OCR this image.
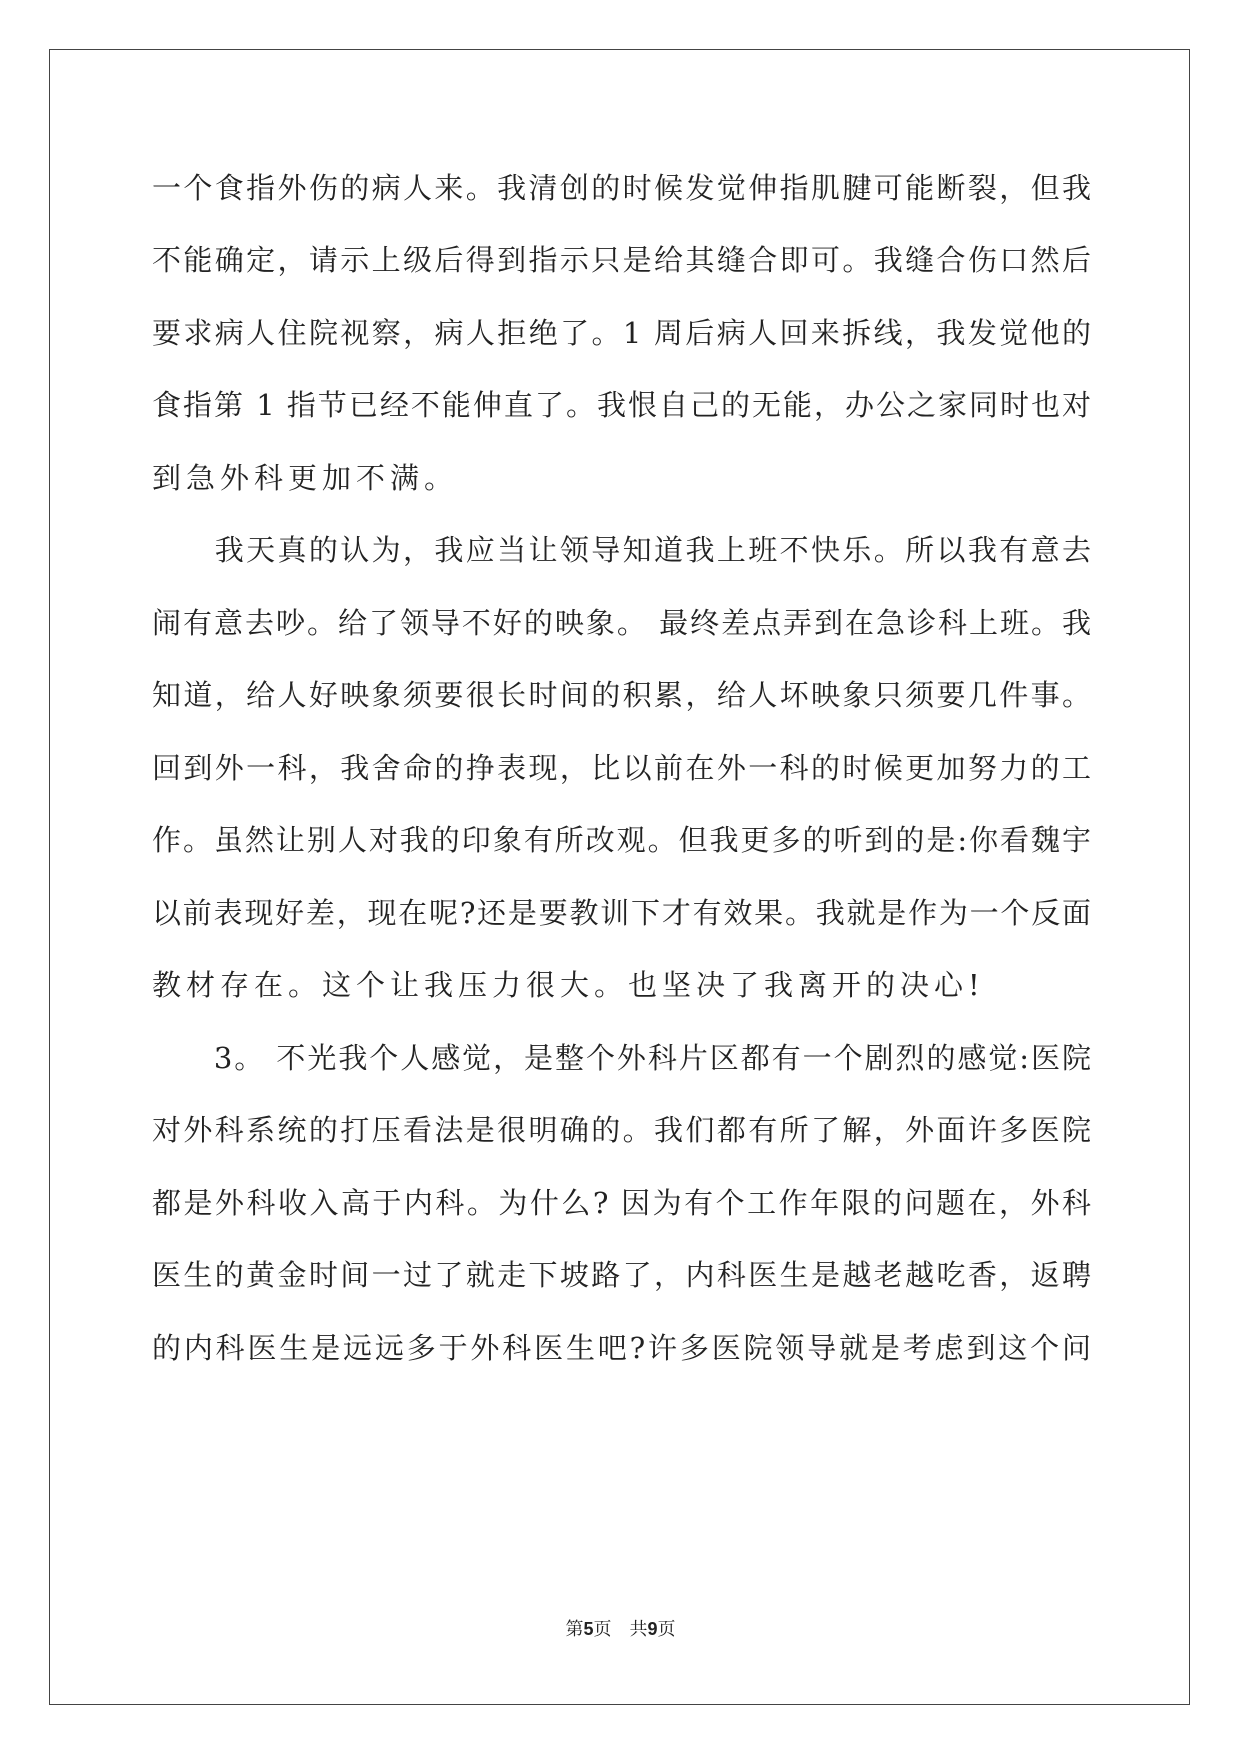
一个食指外伤的病人来。我清创的时候发觉伸指肌腱可能断裂，但我
不能确定，请示上级后得到指示只是给其缝合即可。我缝合伤口然后
要求病人住院视察，病人拒绝了。1 周后病人回来拆线，我发觉他的
食指第 1 指节已经不能伸直了。我恨自己的无能，办公之家同时也对
到急外科更加不满。
　　我天真的认为，我应当让领导知道我上班不快乐。所以我有意去
闹有意去吵。给了领导不好的映象。 最终差点弄到在急诊科上班。我
知道，给人好映象须要很长时间的积累，给人坏映象只须要几件事。
回到外一科，我舍命的挣表现，比以前在外一科的时候更加努力的工
作。虽然让别人对我的印象有所改观。但我更多的听到的是:你看魏宇
以前表现好差，现在呢?还是要教训下才有效果。我就是作为一个反面
教材存在。这个让我压力很大。也坚决了我离开的决心!
　　3。 不光我个人感觉，是整个外科片区都有一个剧烈的感觉:医院
对外科系统的打压看法是很明确的。我们都有所了解，外面许多医院
都是外科收入高于内科。为什么? 因为有个工作年限的问题在，外科
医生的黄金时间一过了就走下坡路了，内科医生是越老越吃香，返聘
的内科医生是远远多于外科医生吧?许多医院领导就是考虑到这个问
第5页 共9页
